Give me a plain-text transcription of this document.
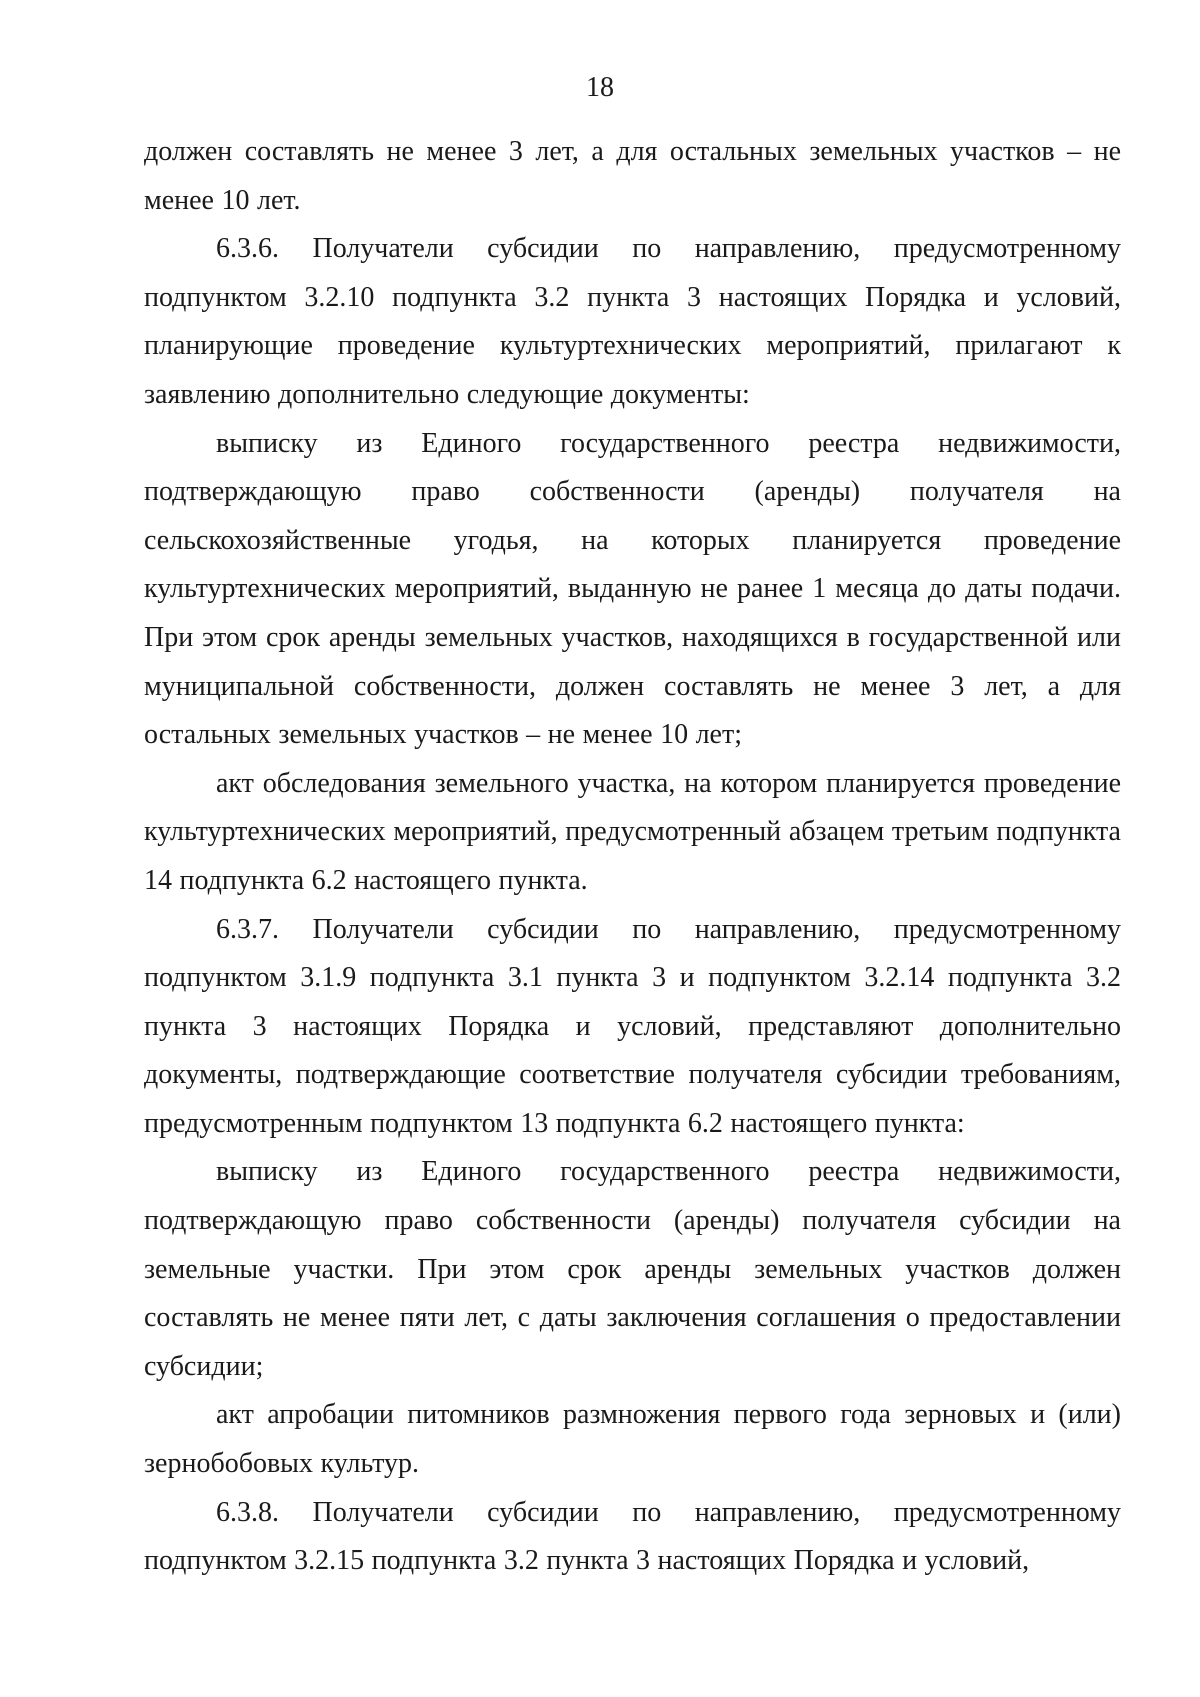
18

должен составлять не менее 3 лет, а для остальных земельных участков – не менее 10 лет.

6.3.6. Получатели субсидии по направлению, предусмотренному подпунктом 3.2.10 подпункта 3.2 пункта 3 настоящих Порядка и условий, планирующие проведение культуртехнических мероприятий, прилагают к заявлению дополнительно следующие документы:

выписку из Единого государственного реестра недвижимости, подтверждающую право собственности (аренды) получателя на сельскохозяйственные угодья, на которых планируется проведение культуртехнических мероприятий, выданную не ранее 1 месяца до даты подачи. При этом срок аренды земельных участков, находящихся в государственной или муниципальной собственности, должен составлять не менее 3 лет, а для остальных земельных участков – не менее 10 лет;

акт обследования земельного участка, на котором планируется проведение культуртехнических мероприятий, предусмотренный абзацем третьим подпункта 14 подпункта 6.2 настоящего пункта.

6.3.7. Получатели субсидии по направлению, предусмотренному подпунктом 3.1.9 подпункта 3.1 пункта 3 и подпунктом 3.2.14 подпункта 3.2 пункта 3 настоящих Порядка и условий, представляют дополнительно документы, подтверждающие соответствие получателя субсидии требованиям, предусмотренным подпунктом 13 подпункта 6.2 настоящего пункта:

выписку из Единого государственного реестра недвижимости, подтверждающую право собственности (аренды) получателя субсидии на земельные участки. При этом срок аренды земельных участков должен составлять не менее пяти лет, с даты заключения соглашения о предоставлении субсидии;

акт апробации питомников размножения первого года зерновых и (или) зернобобовых культур.

6.3.8. Получатели субсидии по направлению, предусмотренному подпунктом 3.2.15 подпункта 3.2 пункта 3 настоящих Порядка и условий,
